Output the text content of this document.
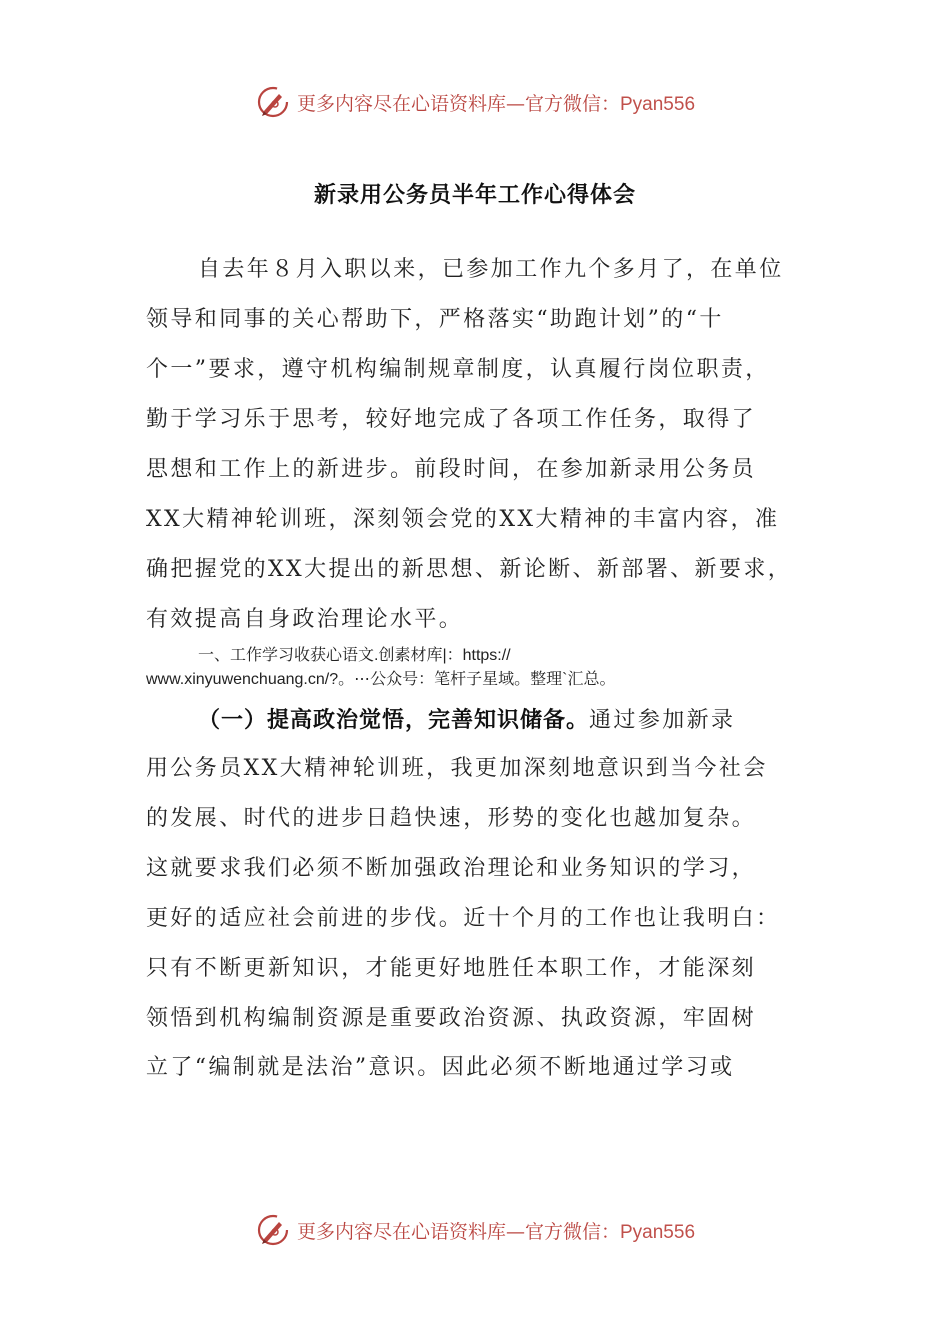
更多内容尽在心语资料库—官方微信：Pyan556
新录用公务员半年工作心得体会
自去年８月入职以来，已参加工作九个多月了，在单位
领导和同事的关心帮助下，严格落实“助跑计划”的“十
个一”要求，遵守机构编制规章制度，认真履行岗位职责，
勤于学习乐于思考，较好地完成了各项工作任务，取得了
思想和工作上的新进步。前段时间，在参加新录用公务员
XX大精神轮训班，深刻领会党的XX大精神的丰富内容，准
确把握党的XX大提出的新思想、新论断、新部署、新要求，
有效提高自身政治理论水平。
一、工作学习收获心语文.创素材库|：https://
www.xinyuwenchuang.cn/?。⋯公众号：笔杆子星域。整理`汇总。
（一）提高政治觉悟，完善知识储备。通过参加新录
用公务员XX大精神轮训班，我更加深刻地意识到当今社会
的发展、时代的进步日趋快速，形势的变化也越加复杂。
这就要求我们必须不断加强政治理论和业务知识的学习，
更好的适应社会前进的步伐。近十个月的工作也让我明白：
只有不断更新知识，才能更好地胜任本职工作，才能深刻
领悟到机构编制资源是重要政治资源、执政资源，牢固树
立了“编制就是法治”意识。因此必须不断地通过学习或
更多内容尽在心语资料库—官方微信：Pyan556
